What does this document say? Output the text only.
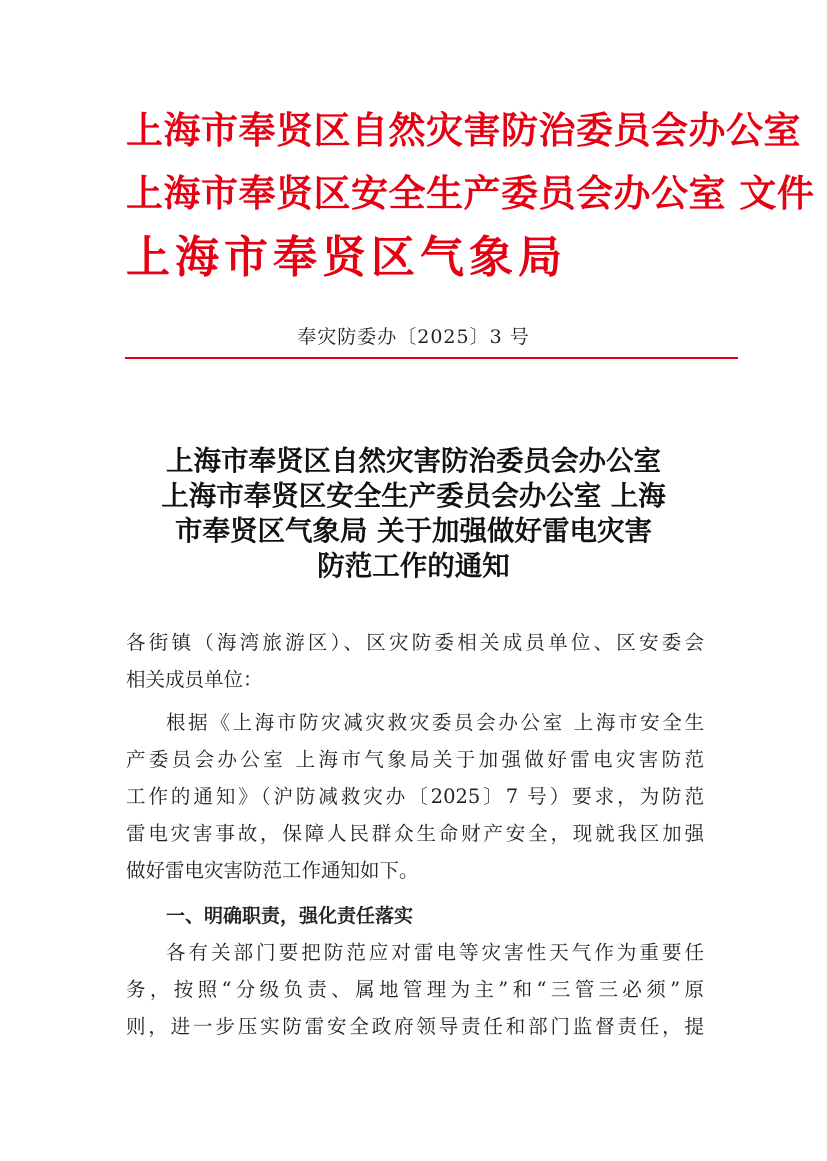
上海市奉贤区自然灾害防治委员会办公室
上海市奉贤区安全生产委员会办公室 文件
上海市奉贤区气象局
奉灾防委办〔2025〕3 号
上海市奉贤区自然灾害防治委员会办公室
上海市奉贤区安全生产委员会办公室 上海
市奉贤区气象局 关于加强做好雷电灾害
防范工作的通知
各街镇（海湾旅游区）、区灾防委相关成员单位、区安委会
相关成员单位：
根据《上海市防灾减灾救灾委员会办公室 上海市安全生
产委员会办公室 上海市气象局关于加强做好雷电灾害防范
工作的通知》（沪防减救灾办〔2025〕7 号）要求，为防范
雷电灾害事故，保障人民群众生命财产安全，现就我区加强
做好雷电灾害防范工作通知如下。
一、明确职责，强化责任落实
各有关部门要把防范应对雷电等灾害性天气作为重要任
务，按照“分级负责、属地管理为主”和“三管三必须”原
则，进一步压实防雷安全政府领导责任和部门监督责任，提
